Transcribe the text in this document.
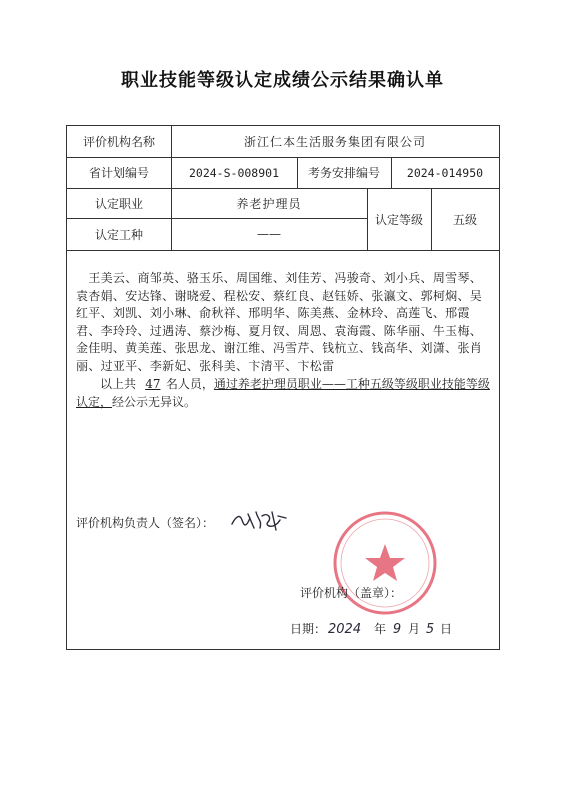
职业技能等级认定成绩公示结果确认单
评价机构名称	浙江仁本生活服务集团有限公司
省计划编号	2024-S-008901	考务安排编号	2024-014950
认定职业	养老护理员
认定工种	——
认定等级	五级
　王美云、商邹英、骆玉乐、周国维、刘佳芳、冯骏奇、刘小兵、周雪琴、袁杏娟、安达锋、谢晓爱、程松安、蔡红良、赵钰娇、张瀛文、郭柯焖、吴红平、刘凯、刘小琳、俞秋祥、邢明华、陈美燕、金林玲、高莲飞、邢霞君、李玲玲、过遇涛、蔡沙梅、夏月钗、周恩、袁海霞、陈华丽、牛玉梅、金佳明、黄美莲、张思龙、谢江维、冯雪芹、钱杭立、钱高华、刘潇、张肖丽、过亚平、李新妃、张科美、卞清平、卞松雷
以上共 47 名人员，通过养老护理员职业——工种五级等级职业技能等级认定，经公示无异议。
评价机构负责人（签名）：
评价机构（盖章）：
日期： 2024	年 9 月 5 日
